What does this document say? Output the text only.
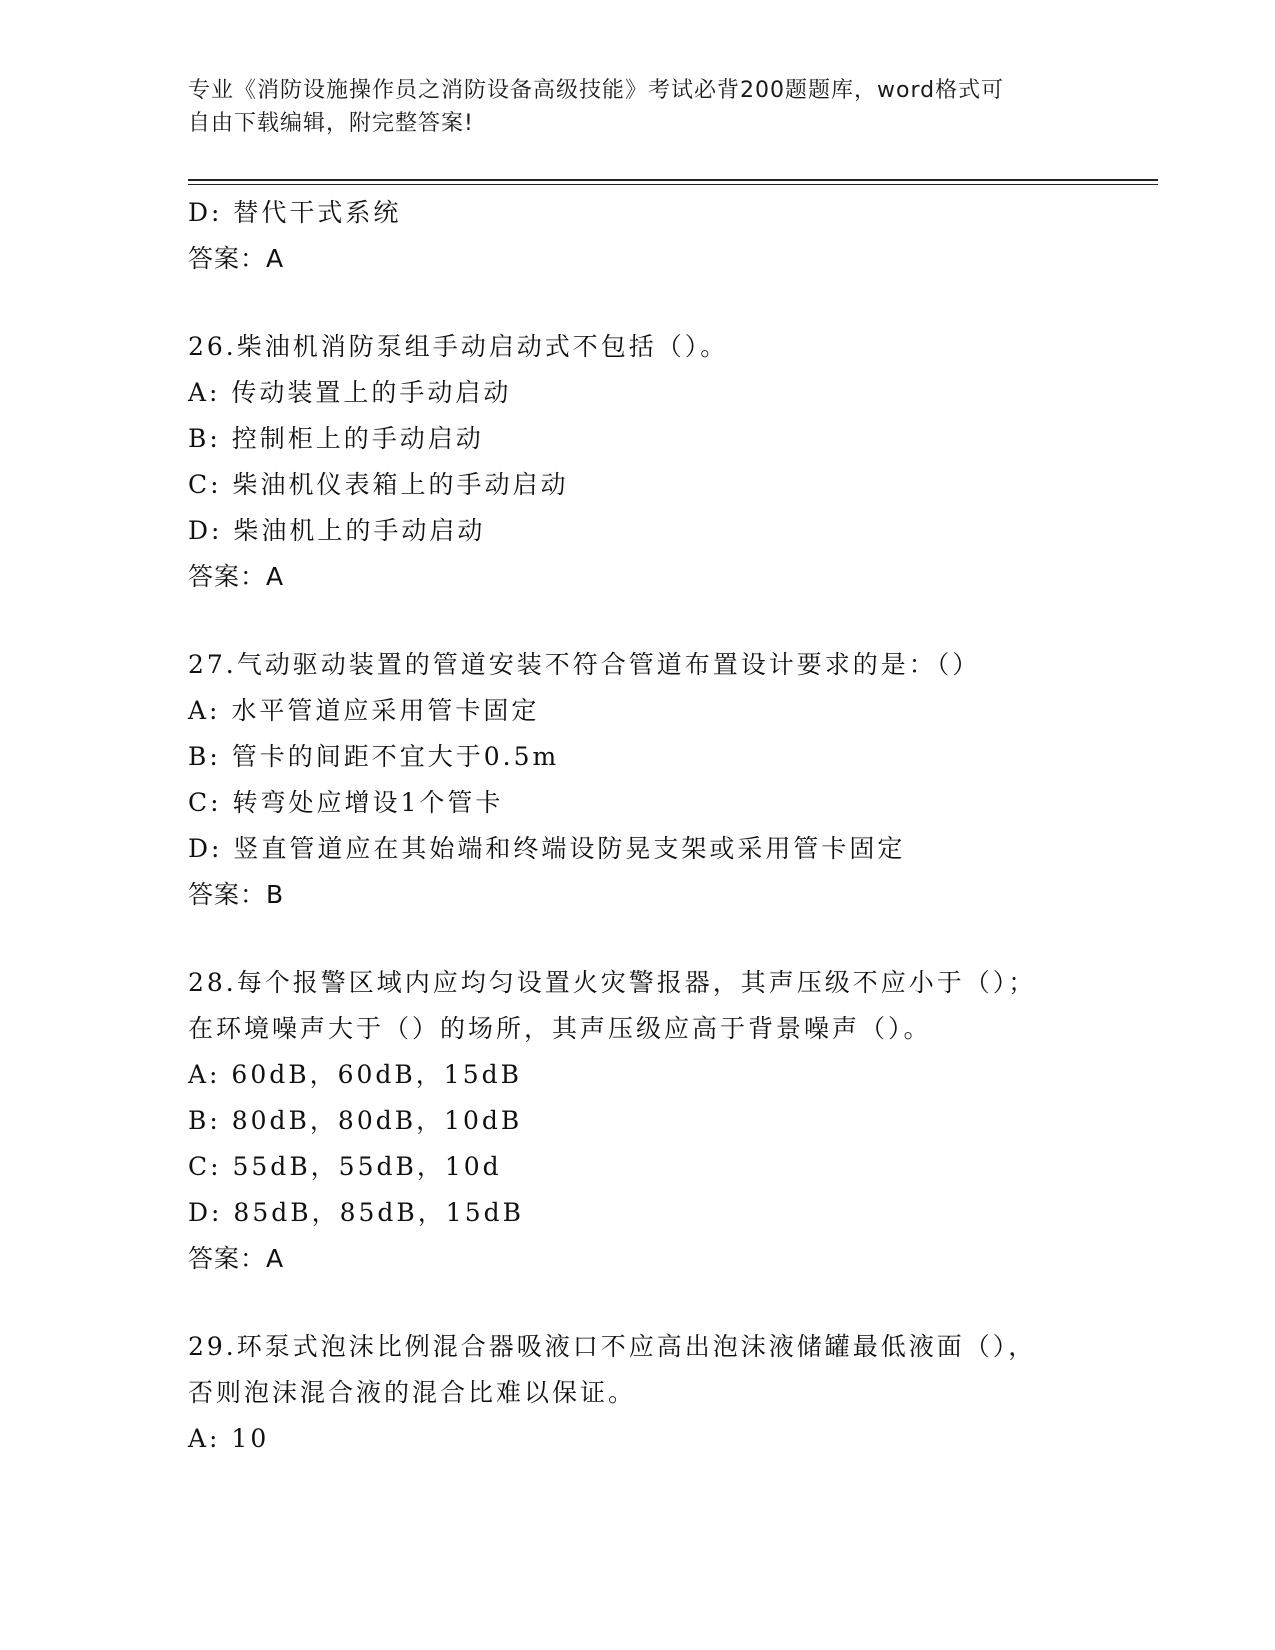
专业《消防设施操作员之消防设备高级技能》考试必背200题题库，word格式可
自由下载编辑，附完整答案!
D: 替代干式系统
答案：A
26.柴油机消防泵组手动启动式不包括（）。
A: 传动装置上的手动启动
B: 控制柜上的手动启动
C: 柴油机仪表箱上的手动启动
D: 柴油机上的手动启动
答案：A
27.气动驱动装置的管道安装不符合管道布置设计要求的是：（）
A: 水平管道应采用管卡固定
B: 管卡的间距不宜大于0.5m
C: 转弯处应增设1个管卡
D: 竖直管道应在其始端和终端设防晃支架或采用管卡固定
答案：B
28.每个报警区域内应均匀设置火灾警报器，其声压级不应小于（）；
在环境噪声大于（）的场所，其声压级应高于背景噪声（）。
A: 60dB，60dB，15dB
B: 80dB，80dB，10dB
C: 55dB，55dB，10d
D: 85dB，85dB，15dB
答案：A
29.环泵式泡沫比例混合器吸液口不应高出泡沫液储罐最低液面（），
否则泡沫混合液的混合比难以保证。
A: 10
